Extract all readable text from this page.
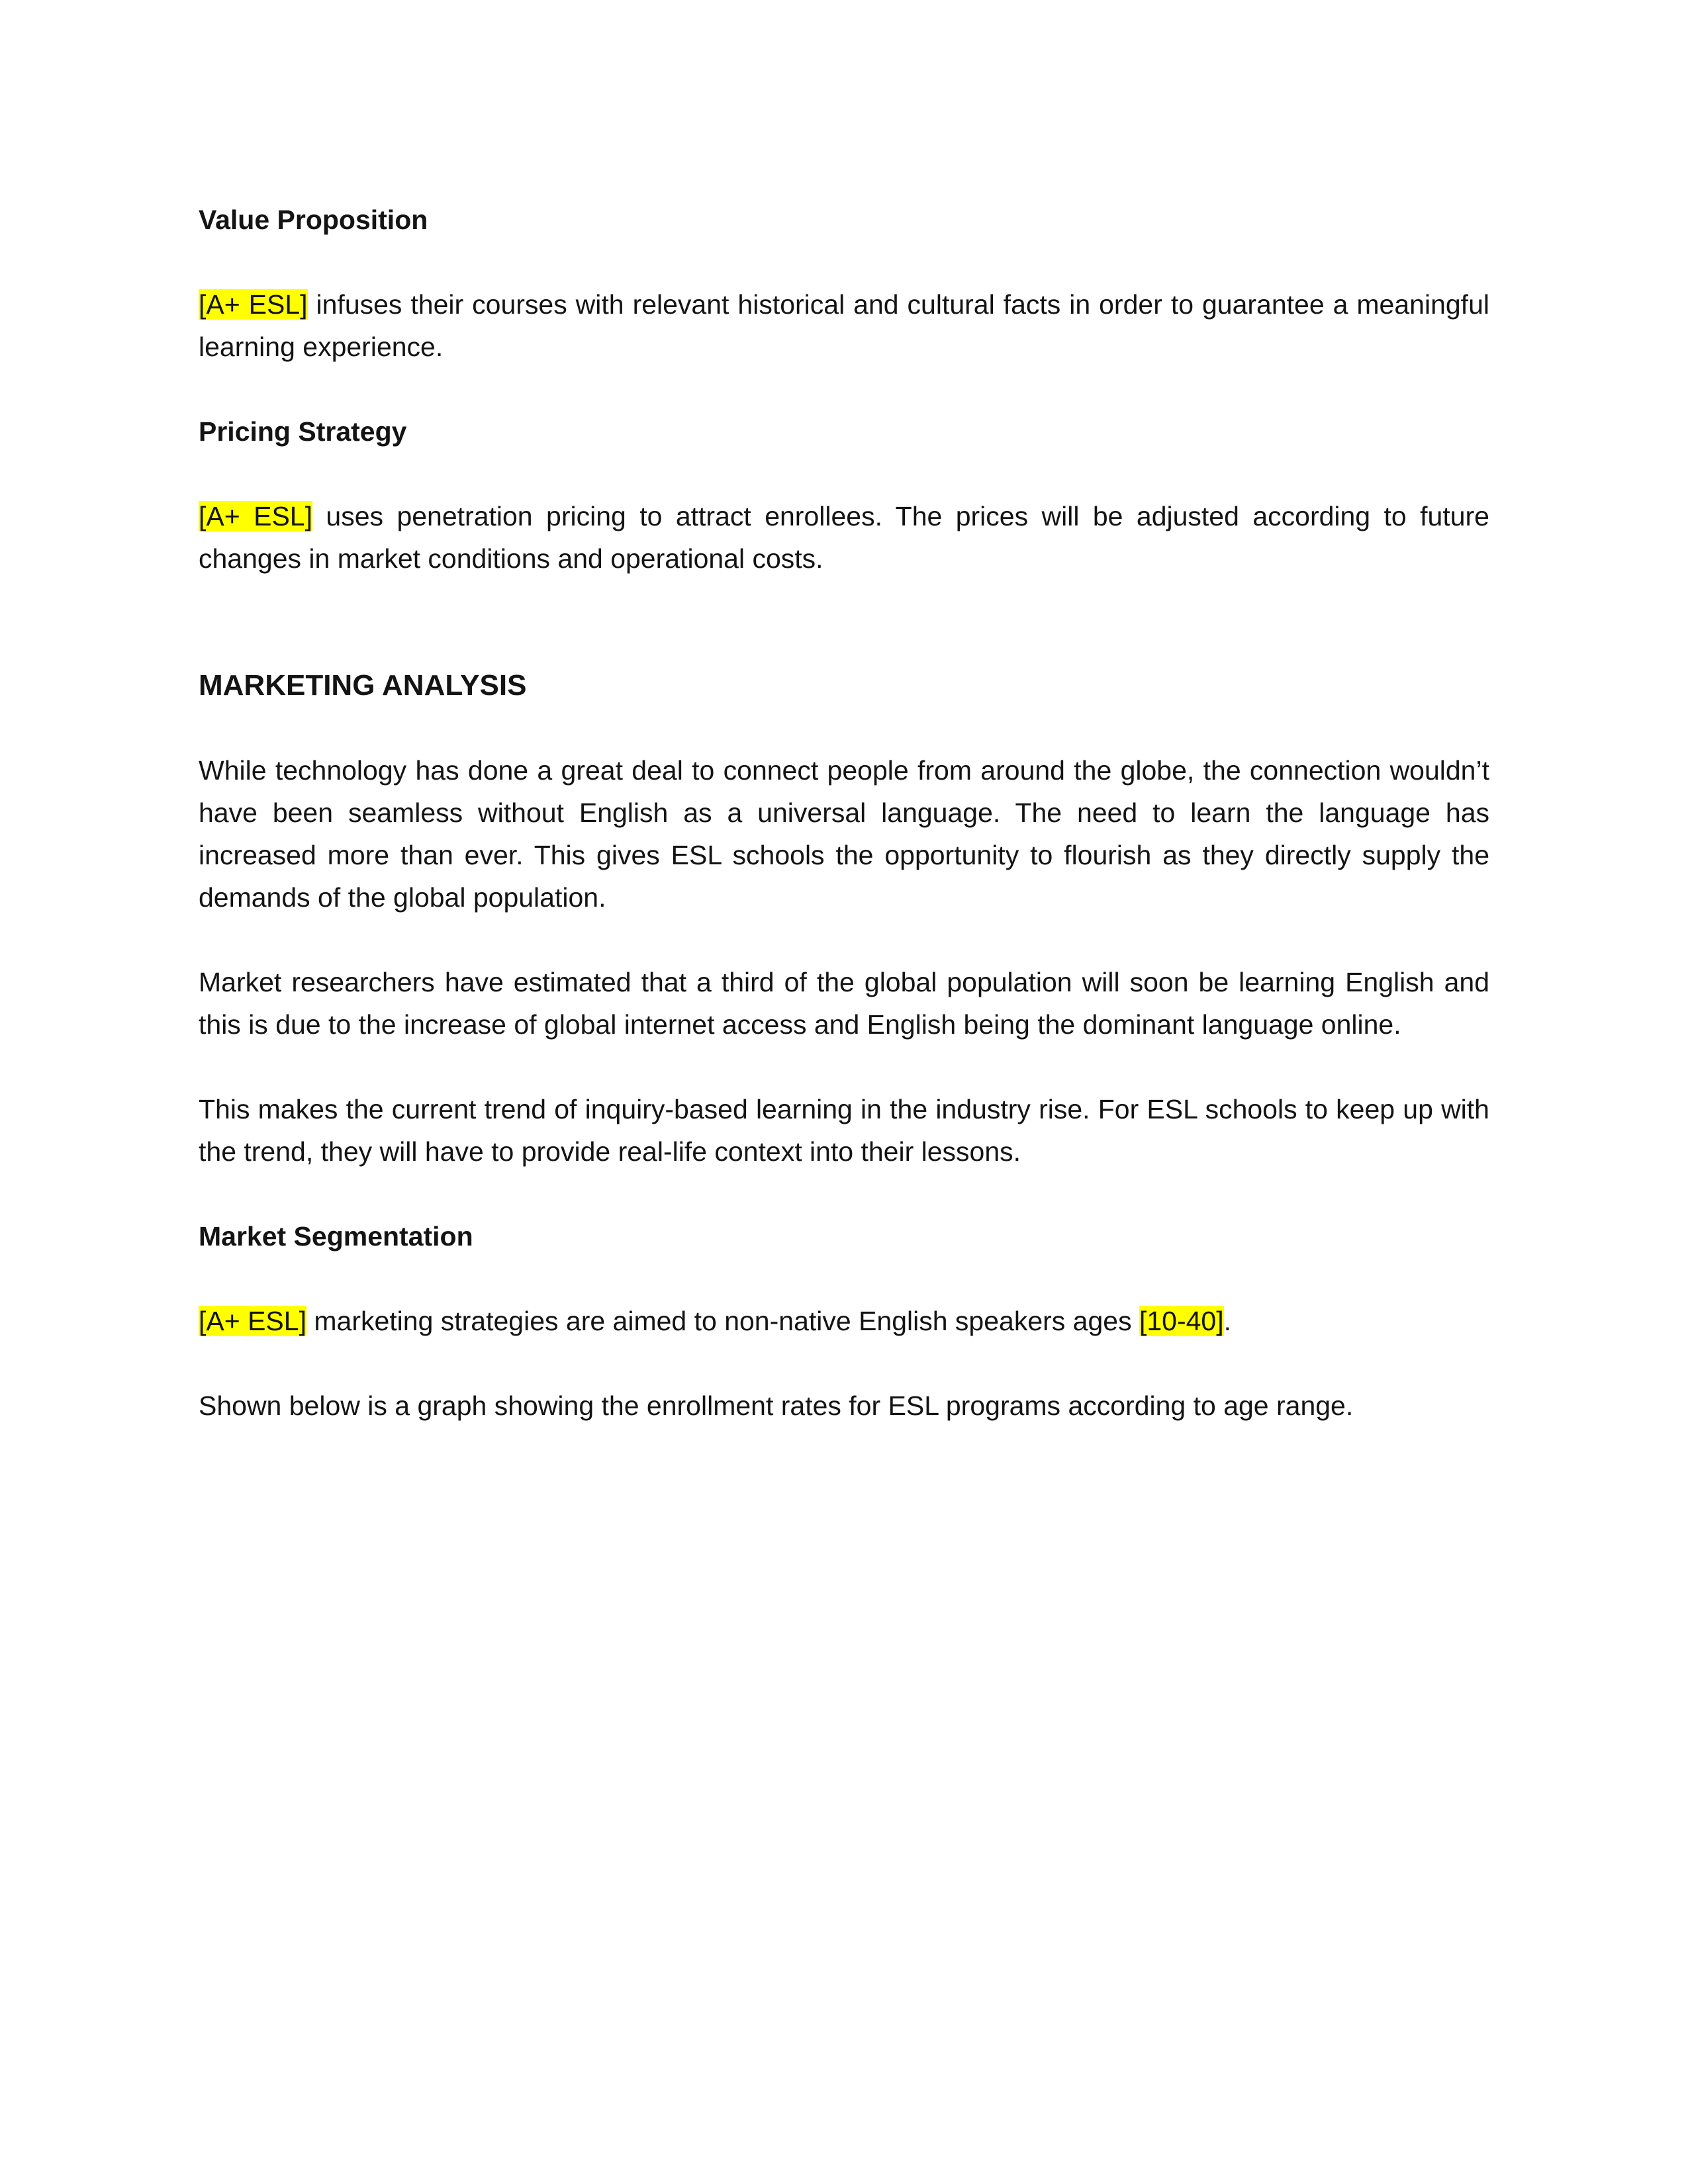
Value Proposition

[A+ ESL] infuses their courses with relevant historical and cultural facts in order to guarantee a meaningful learning experience.

Pricing Strategy

[A+ ESL] uses penetration pricing to attract enrollees. The prices will be adjusted according to future changes in market conditions and operational costs.

MARKETING ANALYSIS

While technology has done a great deal to connect people from around the globe, the connection wouldn’t have been seamless without English as a universal language. The need to learn the language has increased more than ever. This gives ESL schools the opportunity to flourish as they directly supply the demands of the global population.

Market researchers have estimated that a third of the global population will soon be learning English and this is due to the increase of global internet access and English being the dominant language online.

This makes the current trend of inquiry-based learning in the industry rise. For ESL schools to keep up with the trend, they will have to provide real-life context into their lessons.

Market Segmentation

[A+ ESL] marketing strategies are aimed to non-native English speakers ages [10-40].

Shown below is a graph showing the enrollment rates for ESL programs according to age range.
